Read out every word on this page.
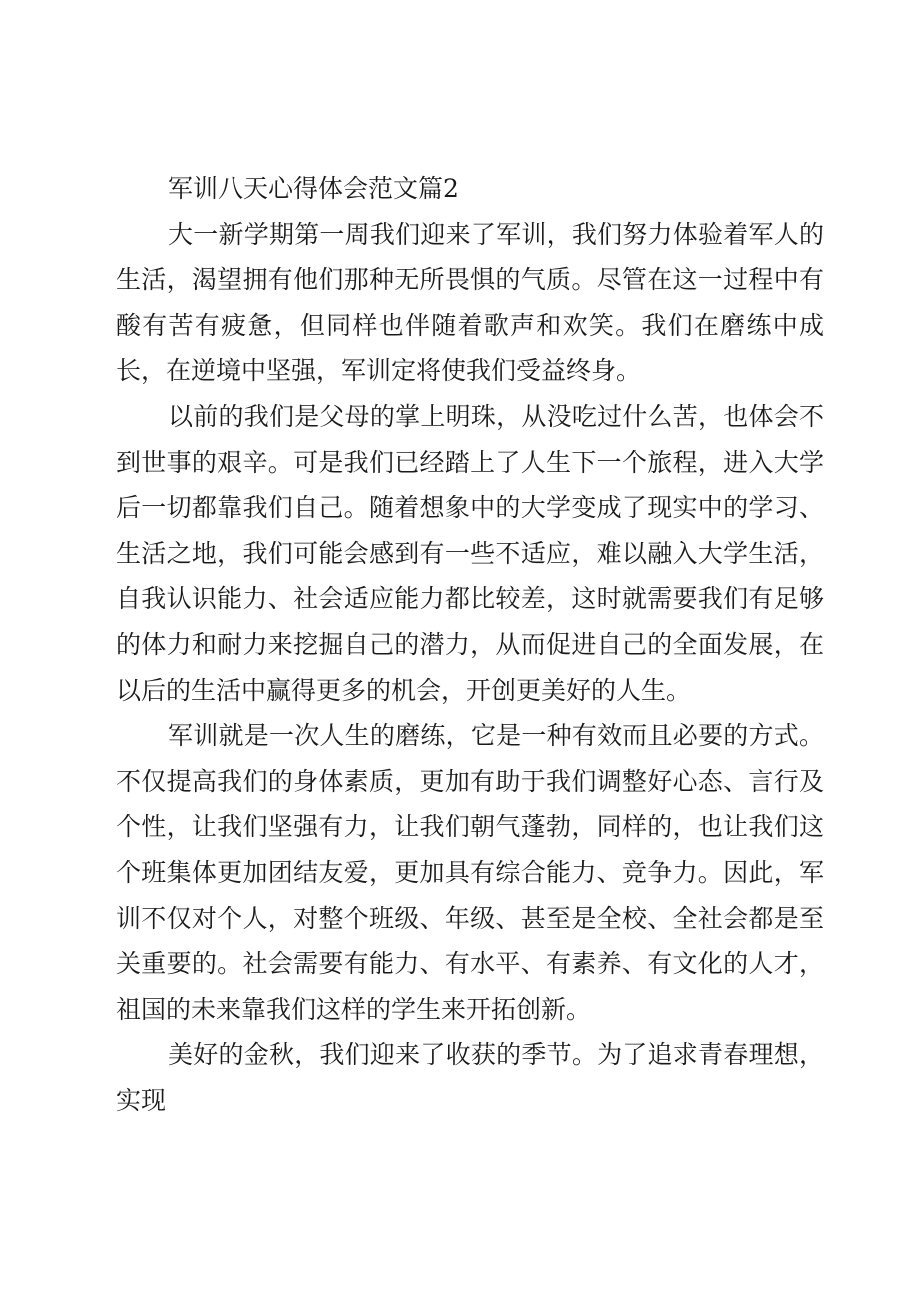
军训八天心得体会范文篇2

大一新学期第一周我们迎来了军训，我们努力体验着军人的生活，渴望拥有他们那种无所畏惧的气质。尽管在这一过程中有酸有苦有疲惫，但同样也伴随着歌声和欢笑。我们在磨练中成长，在逆境中坚强，军训定将使我们受益终身。

以前的我们是父母的掌上明珠，从没吃过什么苦，也体会不到世事的艰辛。可是我们已经踏上了人生下一个旅程，进入大学后一切都靠我们自己。随着想象中的大学变成了现实中的学习、生活之地，我们可能会感到有一些不适应，难以融入大学生活，自我认识能力、社会适应能力都比较差，这时就需要我们有足够的体力和耐力来挖掘自己的潜力，从而促进自己的全面发展，在以后的生活中赢得更多的机会，开创更美好的人生。

军训就是一次人生的磨练，它是一种有效而且必要的方式。不仅提高我们的身体素质，更加有助于我们调整好心态、言行及个性，让我们坚强有力，让我们朝气蓬勃，同样的，也让我们这个班集体更加团结友爱，更加具有综合能力、竞争力。因此，军训不仅对个人，对整个班级、年级、甚至是全校、全社会都是至关重要的。社会需要有能力、有水平、有素养、有文化的人才，祖国的未来靠我们这样的学生来开拓创新。

美好的金秋，我们迎来了收获的季节。为了追求青春理想，实现
